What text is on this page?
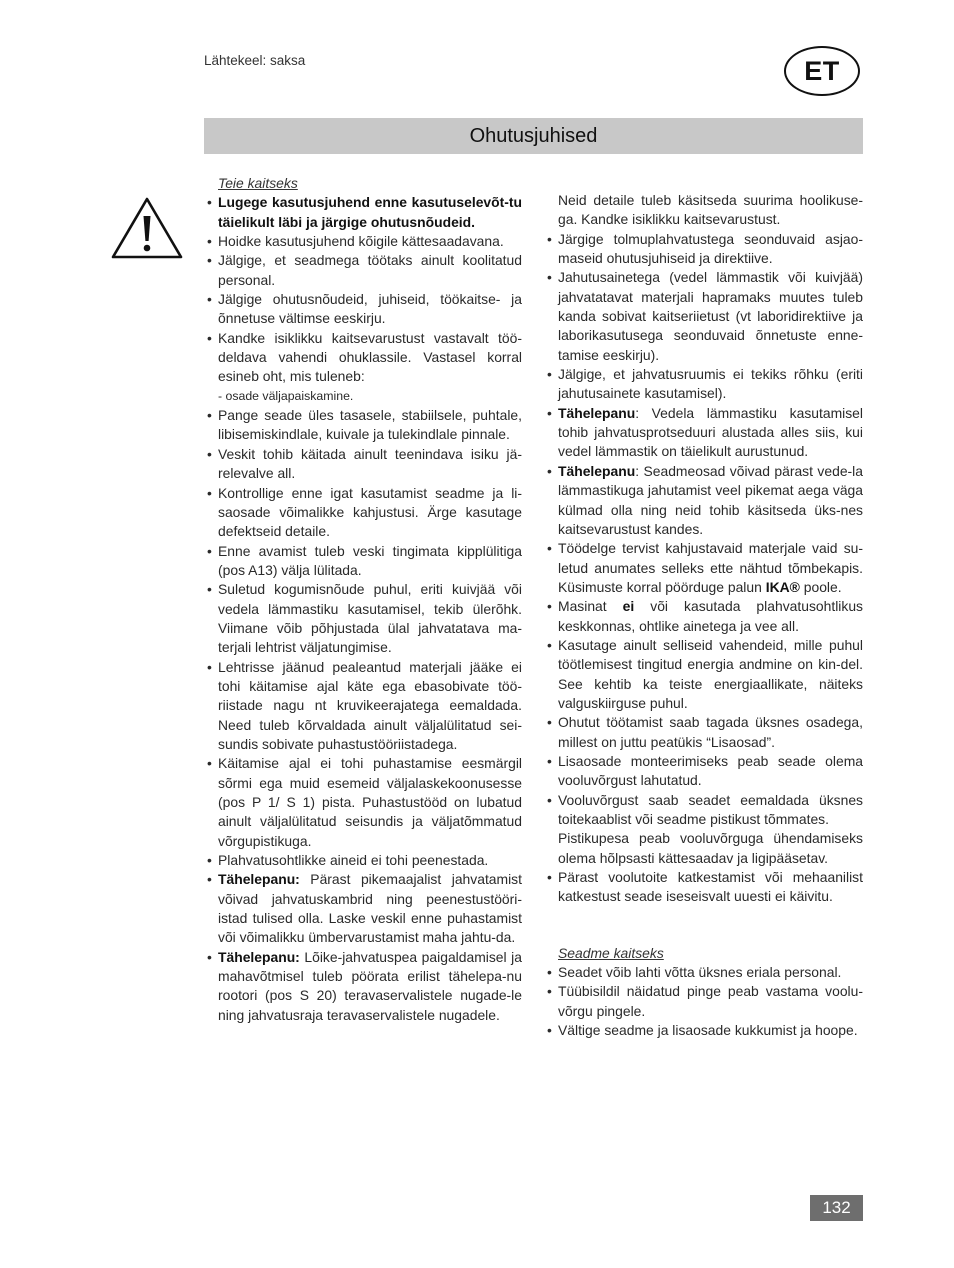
Lähtekeel: saksa	ET
Ohutusjuhised
Teie kaitseks
• Lugege kasutusjuhend enne kasutuselevõt-tu täielikult läbi ja järgige ohutusnõudeid.
• Hoidke kasutusjuhend kõigile kättesaadavana.
• Jälgige, et seadmega töötaks ainult koolitatud personal.
• Jälgige ohutusnõudeid, juhiseid, töökaitse- ja õnnetuse vältimse eeskirju.
• Kandke isiklikku kaitsevarustust vastavalt töö-deldava vahendi ohuklassile. Vastasel korral esineb oht, mis tuleneb:
- osade väljapaiskamine.
• Pange seade üles tasasele, stabiilsele, puhtale, libisemiskindlale, kuivale ja tulekindlale pinnale.
• Veskit tohib käitada ainult teenindava isiku jä-relevalve all.
• Kontrollige enne igat kasutamist seadme ja li-saosade võimalikke kahjustusi. Ärge kasutage defektseid detaile.
• Enne avamist tuleb veski tingimata kipplülitiga (pos A13) välja lülitada.
• Suletud kogumisnõude puhul, eriti kuivjää või vedela lämmastiku kasutamisel, tekib ülerõhk. Viimane võib põhjustada ülal jahvatatava ma-terjali lehtrist väljatungimise.
• Lehtrisse jäänud pealeantud materjali jääke ei tohi käitamise ajal käte ega ebasobivate töö-riistade nagu nt kruvikeerajatega eemaldada. Need tuleb kõrvaldada ainult väljalülitatud sei-sundis sobivate puhastustööriistadega.
• Käitamise ajal ei tohi puhastamise eesmärgil sõrmi ega muid esemeid väljalaskekoonusesse (pos P 1/ S 1) pista. Puhastustööd on lubatud ainult väljalülitatud seisundis ja väljatõmmatud võrgupistikuga.
• Plahvatusohtlikke aineid ei tohi peenestada.
• Tähelepanu: Pärast pikemaajalist jahvatamist võivad jahvatuskambrid ning peenestustööri-istad tulised olla. Laske veskil enne puhastamist või võimalikku ümbervarustamist maha jahtu-da.
• Tähelepanu: Lõike-jahvatuspea paigaldamisel ja mahavõtmisel tuleb pöörata erilist tähelepa-nu rootori (pos S 20) teravaservalistele nugade-le ning jahvatusraja teravaservalistele nugadele.
Neid detaile tuleb käsitseda suurima hoolikuse-ga. Kandke isiklikku kaitsevarustust.
• Järgige tolmuplahvatustega seonduvaid asjao-maseid ohutusjuhiseid ja direktiive.
• Jahutusainetega (vedel lämmastik või kuivjää) jahvatatavat materjali hapramaks muutes tuleb kanda sobivat kaitseriietust (vt laboridirektiive ja laborikasutusega seonduvaid õnnetuste enne-tamise eeskirju).
• Jälgige, et jahvatusruumis ei tekiks rõhku (eriti jahutusainete kasutamisel).
• Tähelepanu: Vedela lämmastiku kasutamisel tohib jahvatusprotseduuri alustada alles siis, kui vedel lämmastik on täielikult aurustunud.
• Tähelepanu: Seadmeosad võivad pärast vede-la lämmastikuga jahutamist veel pikemat aega väga külmad olla ning neid tohib käsitseda üks-nes kaitsevarustust kandes.
• Töödelge tervist kahjustavaid materjale vaid su-letud anumates selleks ette nähtud tõmbekapis. Küsimuste korral pöörduge palun IKA® poole.
• Masinat ei või kasutada plahvatusohtlikus keskkonnas, ohtlike ainetega ja vee all.
• Kasutage ainult selliseid vahendeid, mille puhul töötlemisest tingitud energia andmine on kin-del. See kehtib ka teiste energiaallikate, näiteks valguskiirguse puhul.
• Ohutut töötamist saab tagada üksnes osadega, millest on juttu peatükis “Lisaosad”.
• Lisaosade monteerimiseks peab seade olema vooluvõrgust lahutatud.
• Vooluvõrgust saab seadet eemaldada üksnes toitekaablist või seadme pistikust tõmmates.
Pistikupesa peab vooluvõrguga ühendamiseks olema hõlpsasti kättesaadav ja ligipääsetav.
• Pärast voolutoite katkestamist või mehaanilist katkestust seade iseseisvalt uuesti ei käivitu.
Seadme kaitseks
• Seadet võib lahti võtta üksnes eriala personal.
• Tüübisildil näidatud pinge peab vastama voolu-võrgu pingele.
• Vältige seadme ja lisaosade kukkumist ja hoope.
132
